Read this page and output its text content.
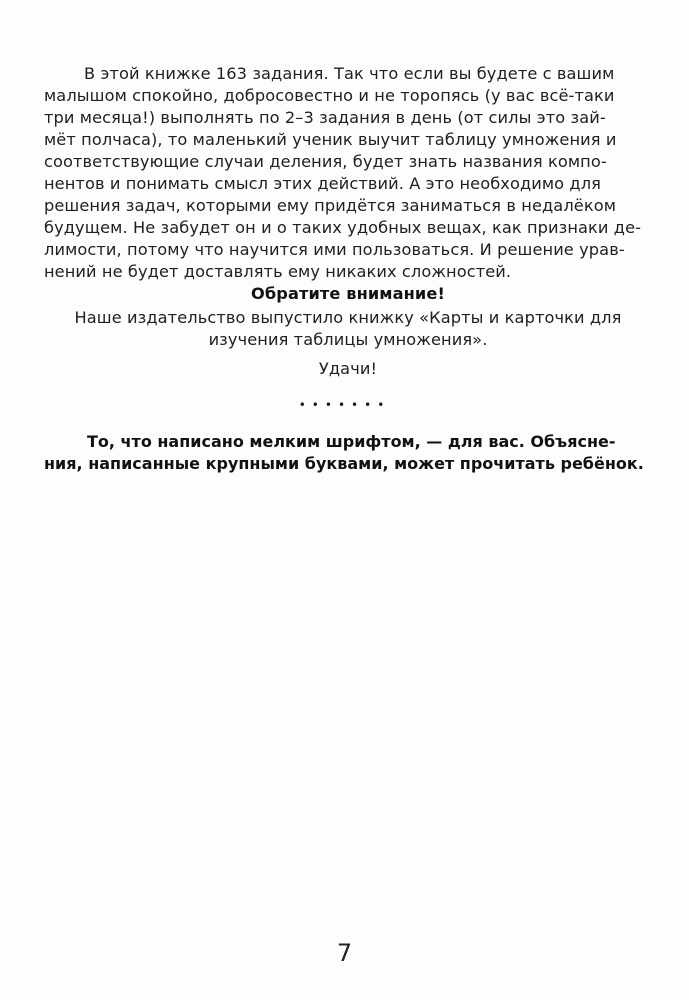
В этой книжке 163 задания. Так что если вы будете с вашим
малышом спокойно, добросовестно и не торопясь (у вас всё-таки
три месяца!) выполнять по 2–3 задания в день (от силы это зай-
мёт полчаса), то маленький ученик выучит таблицу умножения и
соответствующие случаи деления, будет знать названия компо-
нентов и понимать смысл этих действий. А это необходимо для
решения задач, которыми ему придётся заниматься в недалёком
будущем. Не забудет он и о таких удобных вещах, как признаки де-
лимости, потому что научится ими пользоваться. И решение урав-
нений не будет доставлять ему никаких сложностей.
Обратите внимание!
Наше издательство выпустило книжку «Карты и карточки для
изучения таблицы умножения».
Удачи!
•••••••
То, что написано мелким шрифтом, — для вас. Объясне-
ния, написанные крупными буквами, может прочитать ребёнок.
7
